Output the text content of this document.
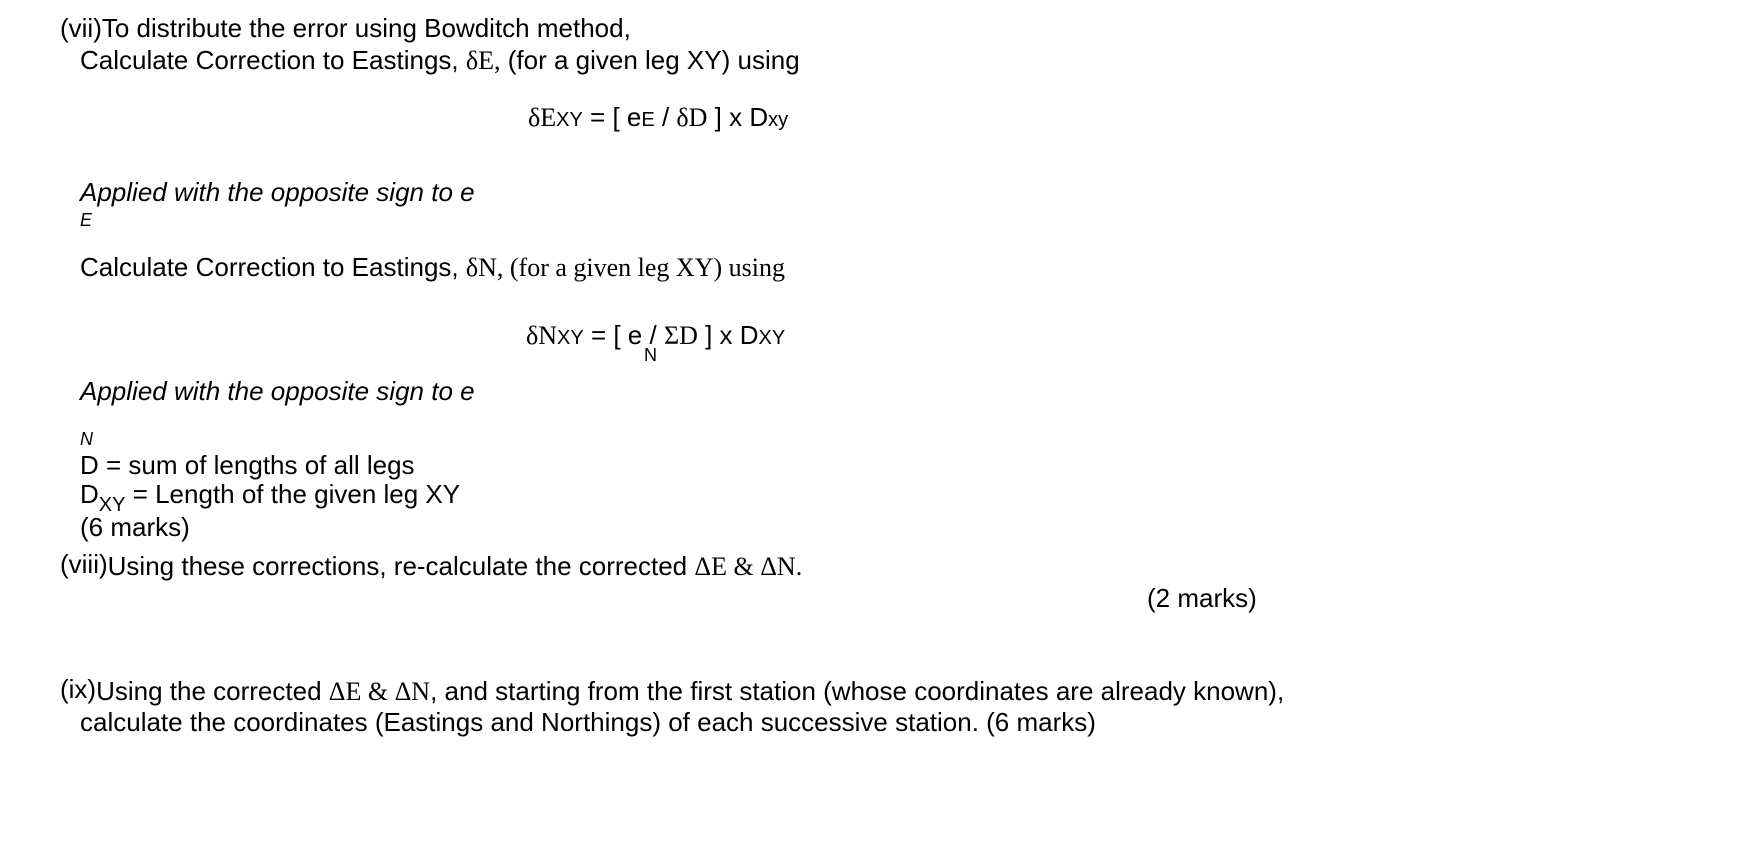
(vii)To distribute the error using Bowditch method,
Calculate Correction to Eastings, δE, (for a given leg XY) using
δEXY = [ eE / δD ] x Dxy
Applied with the opposite sign to e
E
Calculate Correction to Eastings, δN, (for a given leg XY) using
δNXY = [ e / ΣD ] x DXY
N
Applied with the opposite sign to e
N
D = sum of lengths of all legs
$D_{XY}$ = Length of the given leg XY
(6 marks)
(viii)Using these corrections, re-calculate the corrected ΔE & ΔN.
(2 marks)
(ix)Using the corrected ΔE & ΔN, and starting from the first station (whose coordinates are already known),
calculate the coordinates (Eastings and Northings) of each successive station. (6 marks)
